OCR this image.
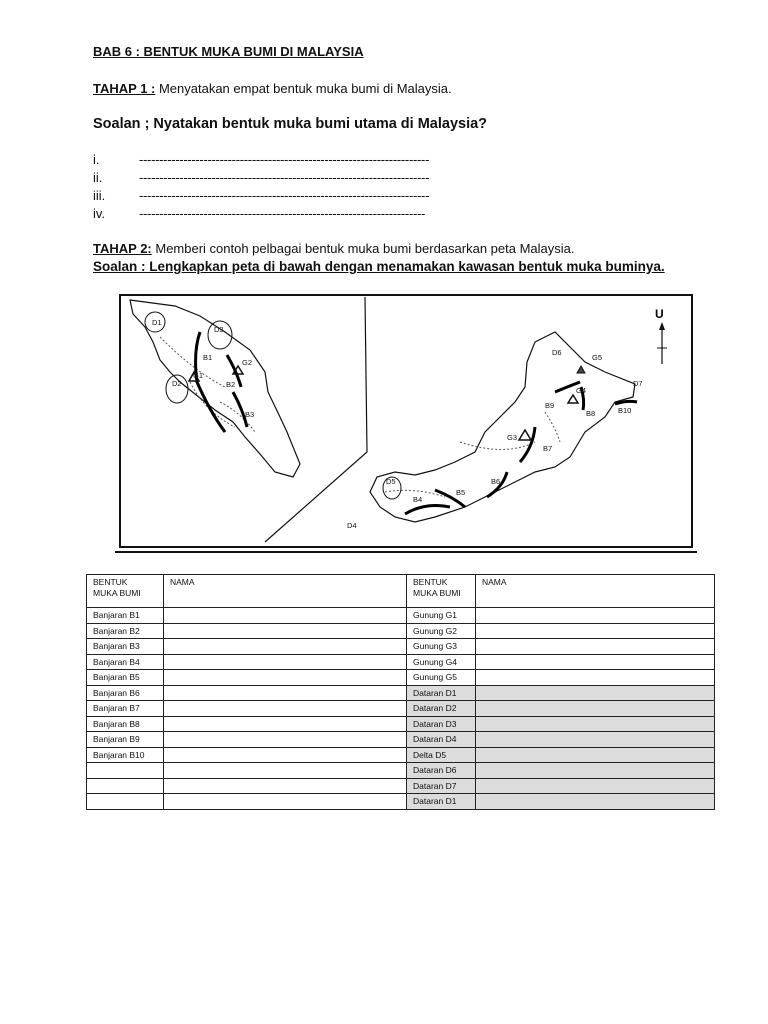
BAB 6 : BENTUK MUKA BUMI DI MALAYSIA
TAHAP 1 : Menyatakan empat bentuk muka bumi di Malaysia.
Soalan ; Nyatakan bentuk muka bumi utama di Malaysia?
i.	------------------------------------------------------------------------
ii.	------------------------------------------------------------------------
iii.	------------------------------------------------------------------------
iv.	-----------------------------------------------------------------------
TAHAP 2: Memberi contoh pelbagai bentuk muka bumi berdasarkan peta Malaysia.
Soalan : Lengkapkan peta di bawah dengan menamakan kawasan bentuk muka buminya.
U
D1
D3
B1
G2
D2
G1
B2
B3
D6
G5
D7
G4
B9
B8	B10
G3
B7
B6
D5
B5
B4
D4
BENTUK
MUKA BUMI	NAMA	BENTUK
MUKA BUMI	NAMA
Banjaran B1		Gunung G1	
Banjaran B2		Gunung G2	
Banjaran B3		Gunung G3	
Banjaran B4		Gunung G4	
Banjaran B5		Gunung G5	
Banjaran B6		Dataran D1	
Banjaran B7		Dataran D2	
Banjaran B8		Dataran D3	
Banjaran B9		Dataran D4	
Banjaran B10		Delta D5	
		Dataran D6	
		Dataran D7	
		Dataran D1	
